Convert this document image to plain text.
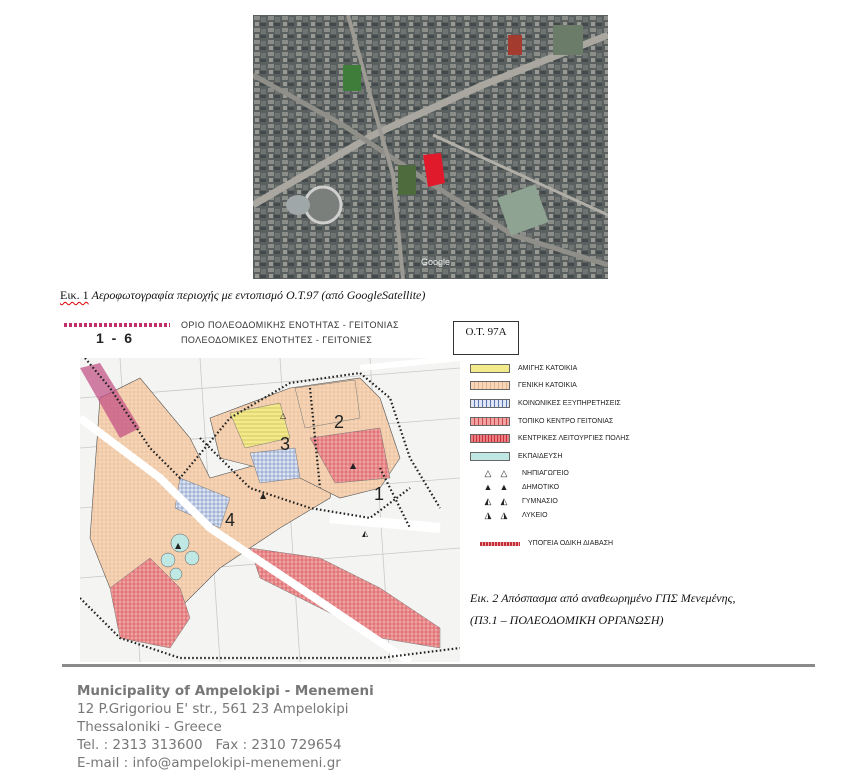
Google
Εικ. 1 Αεροφωτογραφία περιοχής με εντοπισμό Ο.Τ.97 (από GoogleSatellite)
ΟΡΙΟ ΠΟΛΕΟΔΟΜΙΚΗΣ ΕΝΟΤΗΤΑΣ - ΓΕΙΤΟΝΙΑΣ
1 - 6	ΠΟΛΕΟΔΟΜΙΚΕΣ ΕΝΟΤΗΤΕΣ - ΓΕΙΤΟΝΙΕΣ
Ο.Τ. 97Α
1
2
3
4
▲
▲
▲
△
◭
ΑΜΙΓΗΣ ΚΑΤΟΙΚΙΑ
ΓΕΝΙΚΗ ΚΑΤΟΙΚΙΑ
ΚΟΙΝΩΝΙΚΕΣ ΕΞΥΠΗΡΕΤΗΣΕΙΣ
ΤΟΠΙΚΟ ΚΕΝΤΡΟ ΓΕΙΤΟΝΙΑΣ
ΚΕΝΤΡΙΚΕΣ ΛΕΙΤΟΥΡΓΙΕΣ ΠΟΛΗΣ
ΕΚΠΑΙΔΕΥΣΗ
△	△	ΝΗΠΙΑΓΩΓΕΙΟ
▲ ▲	ΔΗΜΟΤΙΚΟ
◭	◭	ΓΥΜΝΑΣΙΟ
◮	◮	ΛΥΚΕΙΟ
ΥΠΟΓΕΙΑ ΟΔΙΚΗ ΔΙΑΒΑΣΗ
Εικ. 2 Απόσπασμα από αναθεωρημένο ΓΠΣ Μενεμένης,
(Π3.1 – ΠΟΛΕΟΔΟΜΙΚΗ ΟΡΓΑΝΩΣΗ)
Municipality of Ampelokipi - Menemeni
12 P.Grigoriou E' str., 561 23 Ampelokipi
Thessaloniki - Greece
Tel. : 2313 313600   Fax : 2310 729654
E-mail : info@ampelokipi-menemeni.gr
